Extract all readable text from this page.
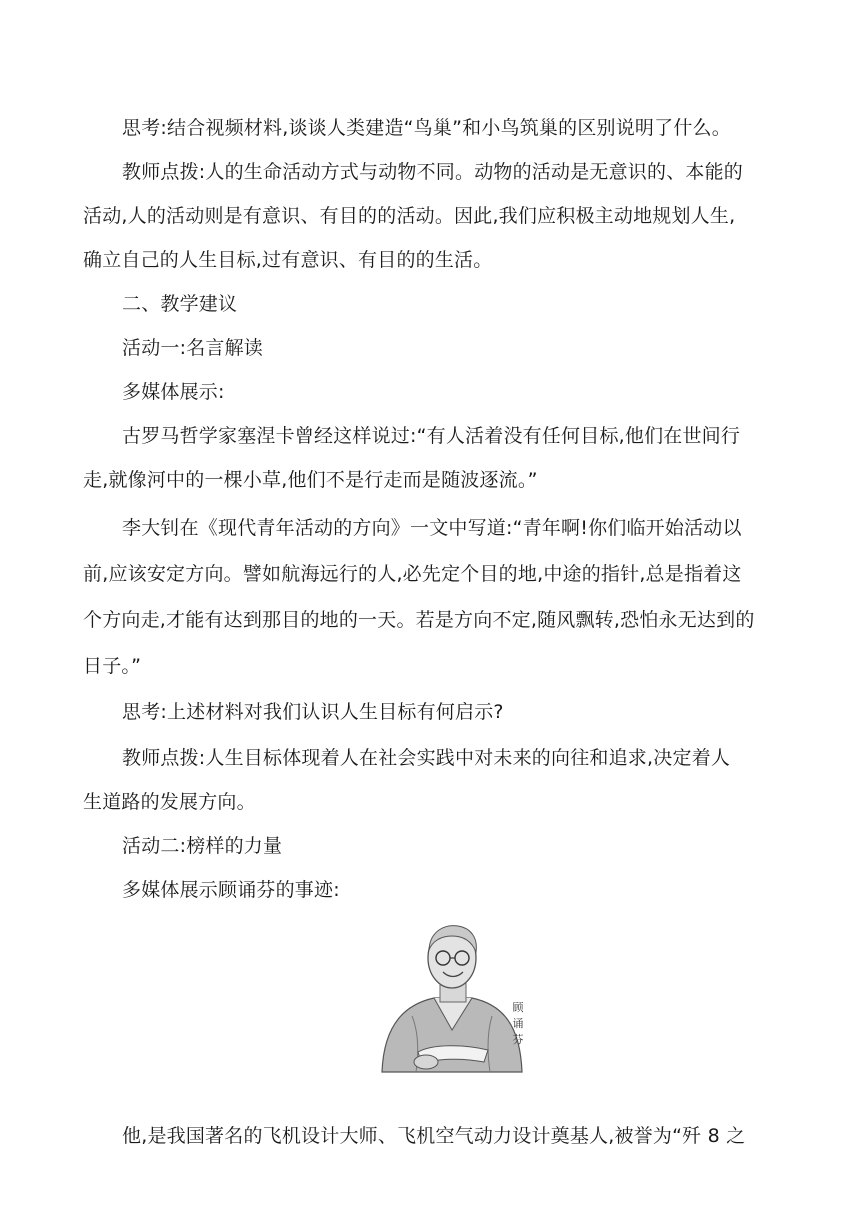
思考:结合视频材料,谈谈人类建造“鸟巢”和小鸟筑巢的区别说明了什么。
教师点拨:人的生命活动方式与动物不同。动物的活动是无意识的、本能的
活动,人的活动则是有意识、有目的的活动。因此,我们应积极主动地规划人生,
确立自己的人生目标,过有意识、有目的的生活。
二、教学建议
活动一:名言解读
多媒体展示:
古罗马哲学家塞涅卡曾经这样说过:“有人活着没有任何目标,他们在世间行
走,就像河中的一棵小草,他们不是行走而是随波逐流。”
李大钊在《现代青年活动的方向》一文中写道:“青年啊!你们临开始活动以
前,应该安定方向。譬如航海远行的人,必先定个目的地,中途的指针,总是指着这
个方向走,才能有达到那目的地的一天。若是方向不定,随风飘转,恐怕永无达到的
日子。”
思考:上述材料对我们认识人生目标有何启示?
教师点拨:人生目标体现着人在社会实践中对未来的向往和追求,决定着人
生道路的发展方向。
活动二:榜样的力量
多媒体展示顾诵芬的事迹:
顾诵芬
他,是我国著名的飞机设计大师、飞机空气动力设计奠基人,被誉为“歼 8 之
